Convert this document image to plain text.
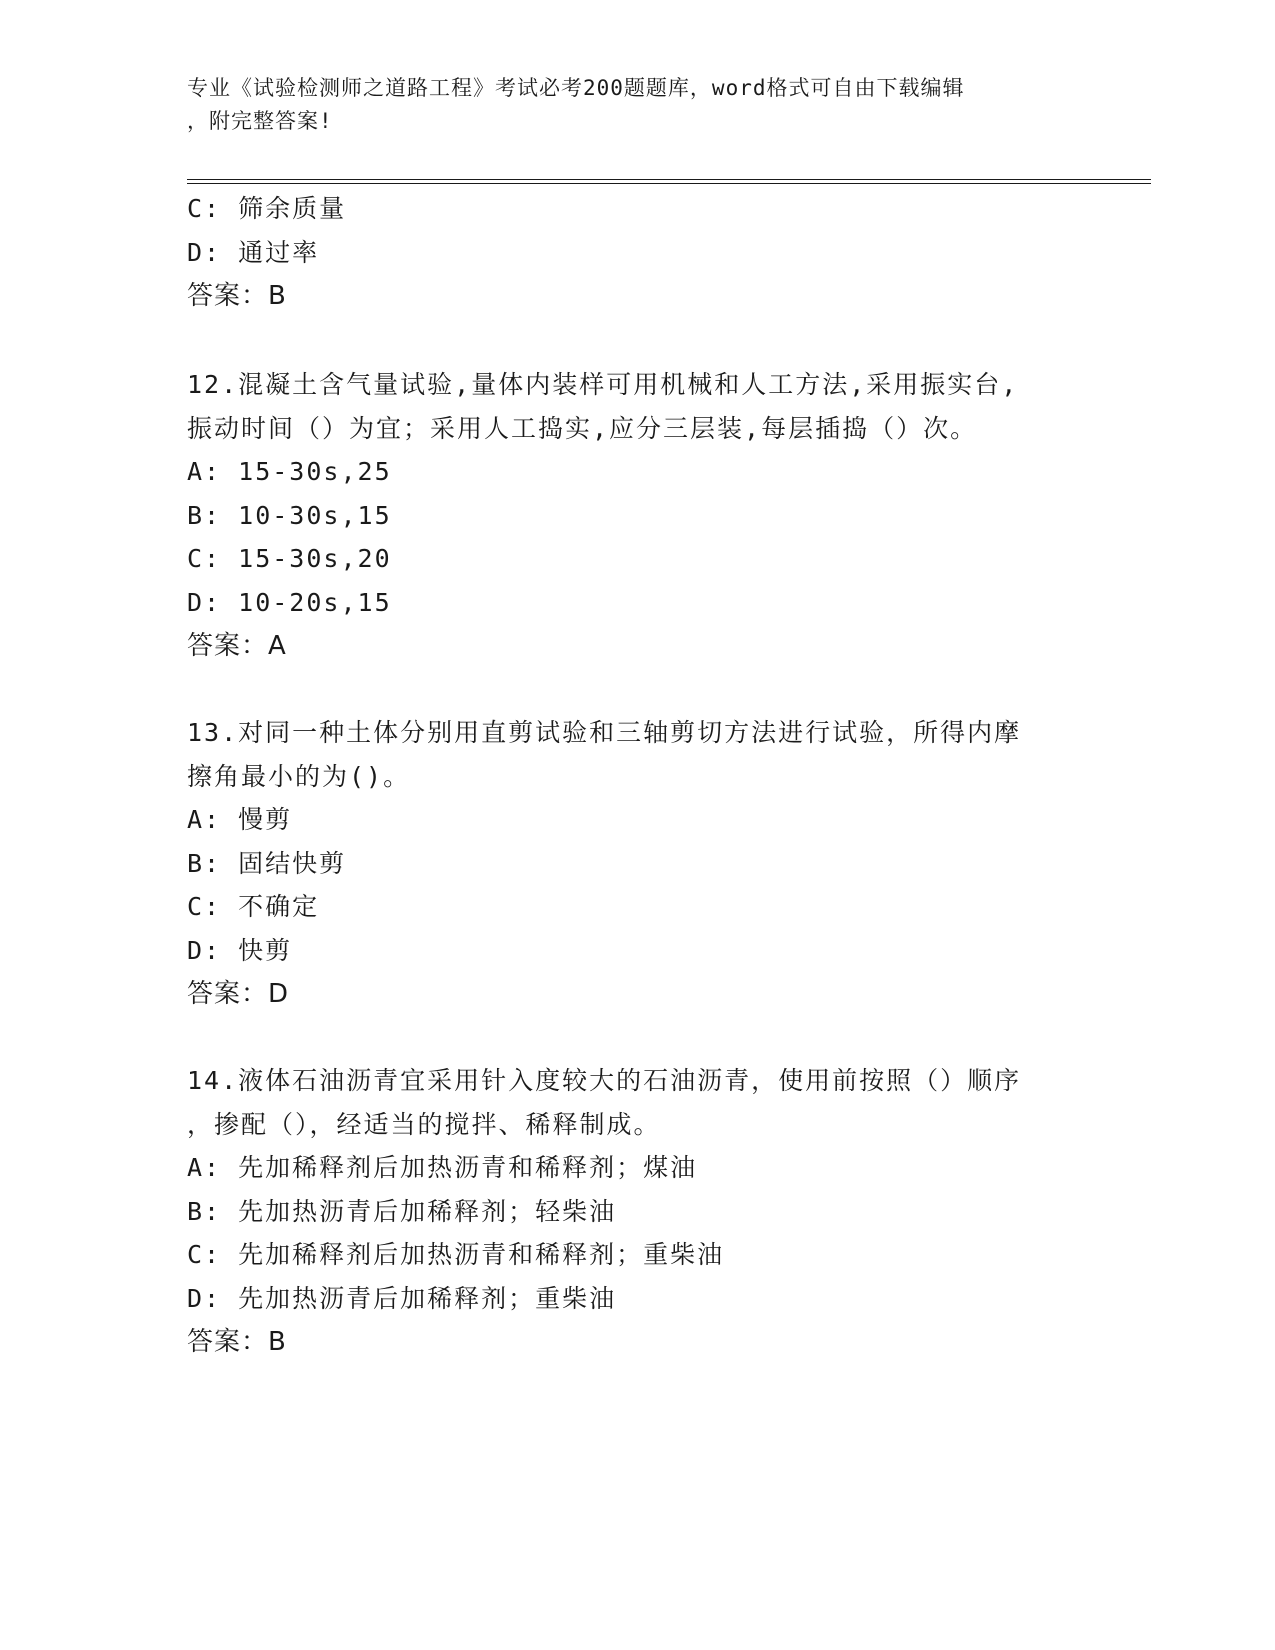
专业《试验检测师之道路工程》考试必考200题题库，word格式可自由下载编辑
，附完整答案!
C: 筛余质量
D: 通过率
答案：B
12.混凝土含气量试验,量体内装样可用机械和人工方法,采用振实台,
振动时间（）为宜；采用人工捣实,应分三层装,每层插捣（）次。
A: 15-30s,25
B: 10-30s,15
C: 15-30s,20
D: 10-20s,15
答案：A
13.对同一种土体分别用直剪试验和三轴剪切方法进行试验，所得内摩
擦角最小的为()。
A: 慢剪
B: 固结快剪
C: 不确定
D: 快剪
答案：D
14.液体石油沥青宜采用针入度较大的石油沥青，使用前按照（）顺序
，掺配（），经适当的搅拌、稀释制成。
A: 先加稀释剂后加热沥青和稀释剂；煤油
B: 先加热沥青后加稀释剂；轻柴油
C: 先加稀释剂后加热沥青和稀释剂；重柴油
D: 先加热沥青后加稀释剂；重柴油
答案：B
